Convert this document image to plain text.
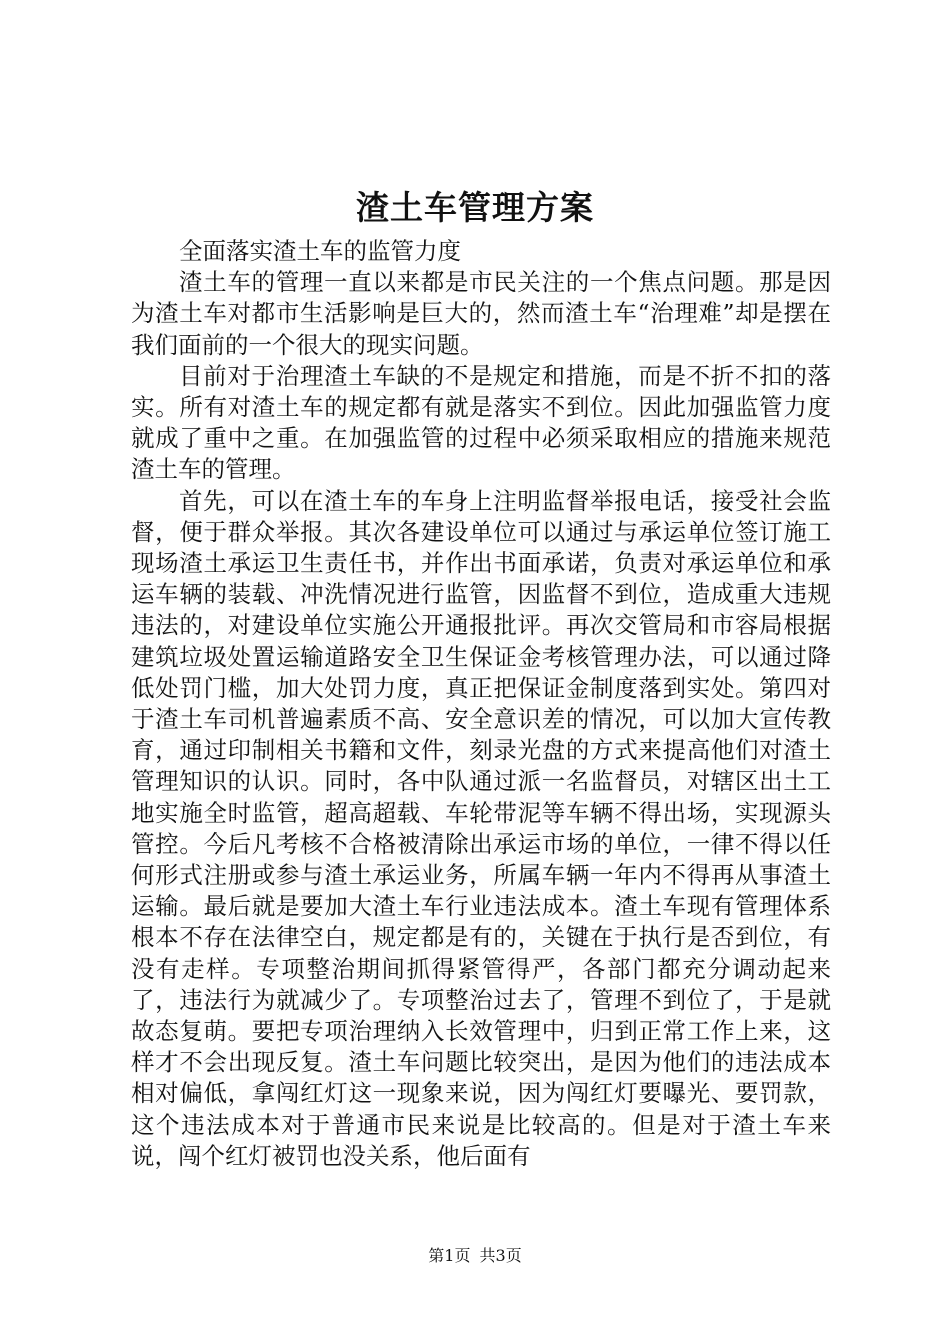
渣土车管理方案

全面落实渣土车的监管力度

渣土车的管理一直以来都是市民关注的一个焦点问题。那是因为渣土车对都市生活影响是巨大的，然而渣土车“治理难”却是摆在我们面前的一个很大的现实问题。

目前对于治理渣土车缺的不是规定和措施，而是不折不扣的落实。所有对渣土车的规定都有就是落实不到位。因此加强监管力度就成了重中之重。在加强监管的过程中必须采取相应的措施来规范渣土车的管理。

首先，可以在渣土车的车身上注明监督举报电话，接受社会监督，便于群众举报。其次各建设单位可以通过与承运单位签订施工现场渣土承运卫生责任书，并作出书面承诺，负责对承运单位和承运车辆的装载、冲洗情况进行监管，因监督不到位，造成重大违规违法的，对建设单位实施公开通报批评。再次交管局和市容局根据建筑垃圾处置运输道路安全卫生保证金考核管理办法，可以通过降低处罚门槛，加大处罚力度，真正把保证金制度落到实处。第四对于渣土车司机普遍素质不高、安全意识差的情况，可以加大宣传教育，通过印制相关书籍和文件，刻录光盘的方式来提高他们对渣土管理知识的认识。同时，各中队通过派一名监督员，对辖区出土工地实施全时监管，超高超载、车轮带泥等车辆不得出场，实现源头管控。今后凡考核不合格被清除出承运市场的单位，一律不得以任何形式注册或参与渣土承运业务，所属车辆一年内不得再从事渣土运输。最后就是要加大渣土车行业违法成本。渣土车现有管理体系根本不存在法律空白，规定都是有的，关键在于执行是否到位，有没有走样。专项整治期间抓得紧管得严，各部门都充分调动起来了，违法行为就减少了。专项整治过去了，管理不到位了，于是就故态复萌。要把专项治理纳入长效管理中，归到正常工作上来，这样才不会出现反复。渣土车问题比较突出，是因为他们的违法成本相对偏低，拿闯红灯这一现象来说，因为闯红灯要曝光、要罚款，这个违法成本对于普通市民来说是比较高的。但是对于渣土车来说，闯个红灯被罚也没关系，他后面有

第1页 共3页
